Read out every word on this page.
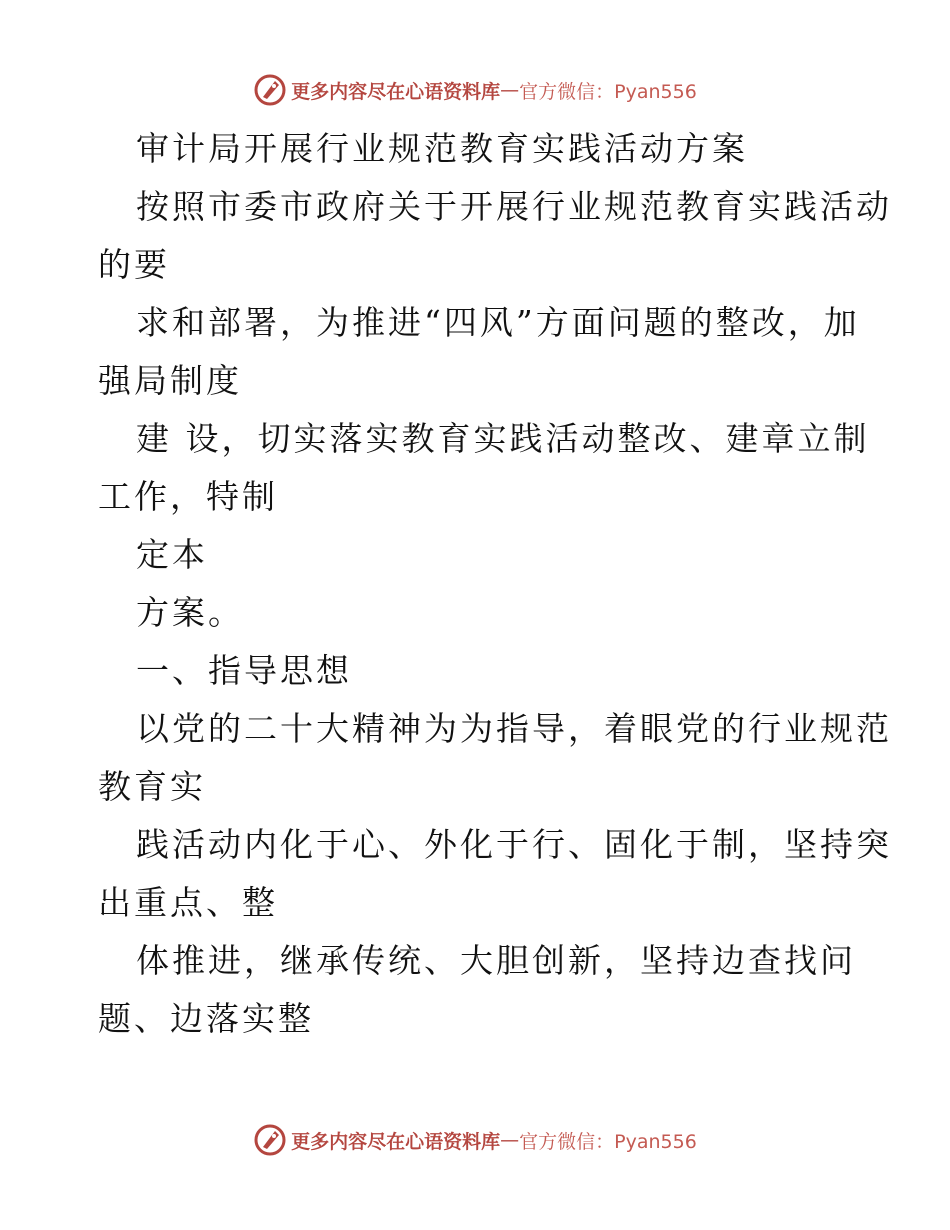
更多内容尽在心语资料库 — 官方微信：Pyan556
审计局开展行业规范教育实践活动方案
按照市委市政府关于开展行业规范教育实践活动
的要
求和部署，为推进“四风”方面问题的整改，加
强局制度
建 设，切实落实教育实践活动整改、建章立制
工作，特制
定本
方案。
一、指导思想
以党的二十大精神为为指导，着眼党的行业规范
教育实
践活动内化于心、外化于行、固化于制，坚持突
出重点、整
体推进，继承传统、大胆创新，坚持边查找问
题、边落实整
更多内容尽在心语资料库 — 官方微信：Pyan556
